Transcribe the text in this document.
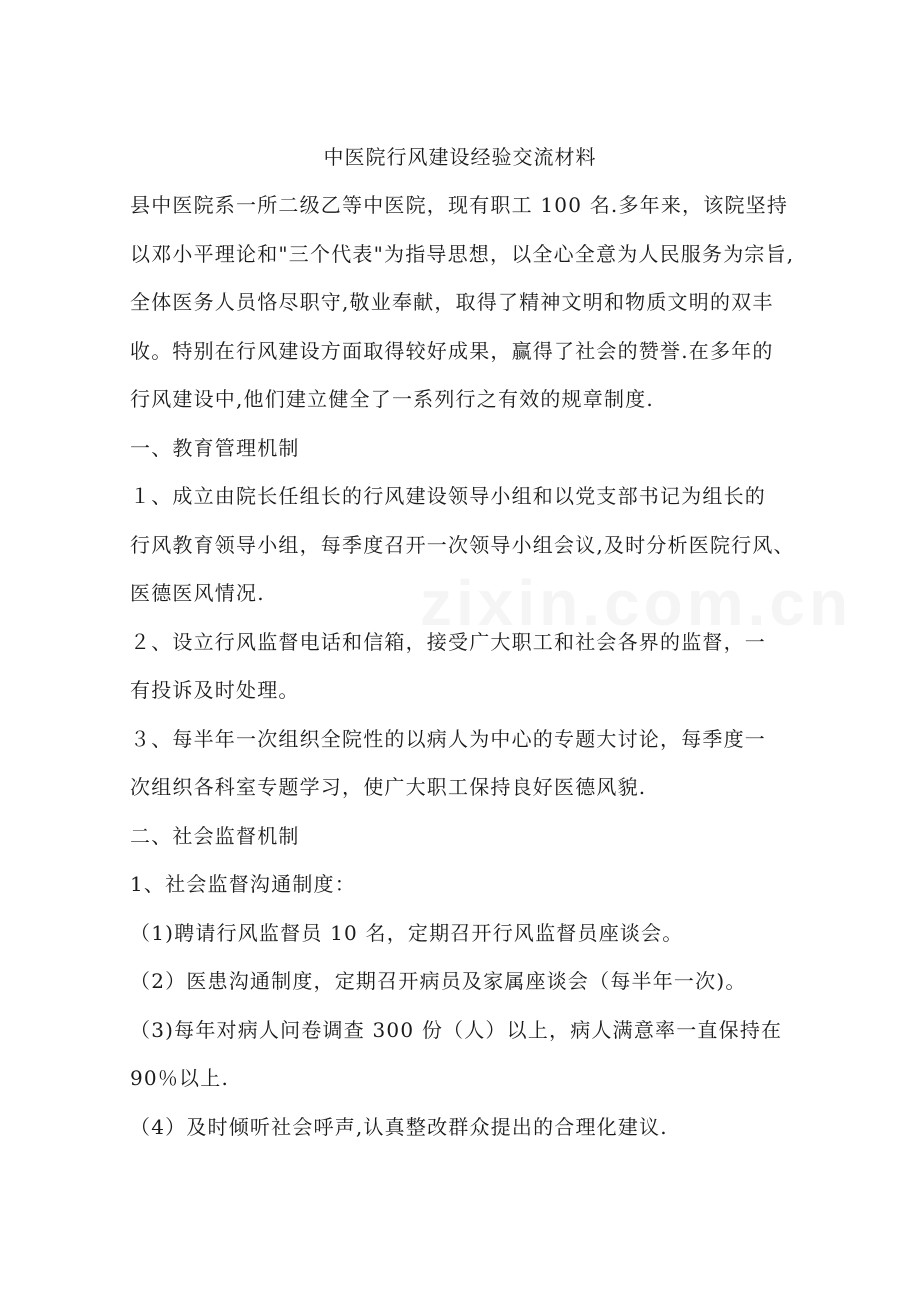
中医院行风建设经验交流材料
县中医院系一所二级乙等中医院，现有职工 100 名.多年来，该院坚持
以邓小平理论和"三个代表"为指导思想，以全心全意为人民服务为宗旨,
全体医务人员恪尽职守,敬业奉献，取得了精神文明和物质文明的双丰
收。特别在行风建设方面取得较好成果，赢得了社会的赞誉.在多年的
行风建设中,他们建立健全了一系列行之有效的规章制度.
一、教育管理机制
１、成立由院长任组长的行风建设领导小组和以党支部书记为组长的
行风教育领导小组，每季度召开一次领导小组会议,及时分析医院行风、
医德医风情况.
２、设立行风监督电话和信箱，接受广大职工和社会各界的监督，一
有投诉及时处理。
３、每半年一次组织全院性的以病人为中心的专题大讨论，每季度一
次组织各科室专题学习，使广大职工保持良好医德风貌.
二、社会监督机制
1、社会监督沟通制度：
（1)聘请行风监督员 10 名，定期召开行风监督员座谈会。
（2）医患沟通制度，定期召开病员及家属座谈会（每半年一次)。
（3)每年对病人问卷调查 300 份（人）以上，病人满意率一直保持在
90％以上.
（4）及时倾听社会呼声,认真整改群众提出的合理化建议.
zixin.com.cn
